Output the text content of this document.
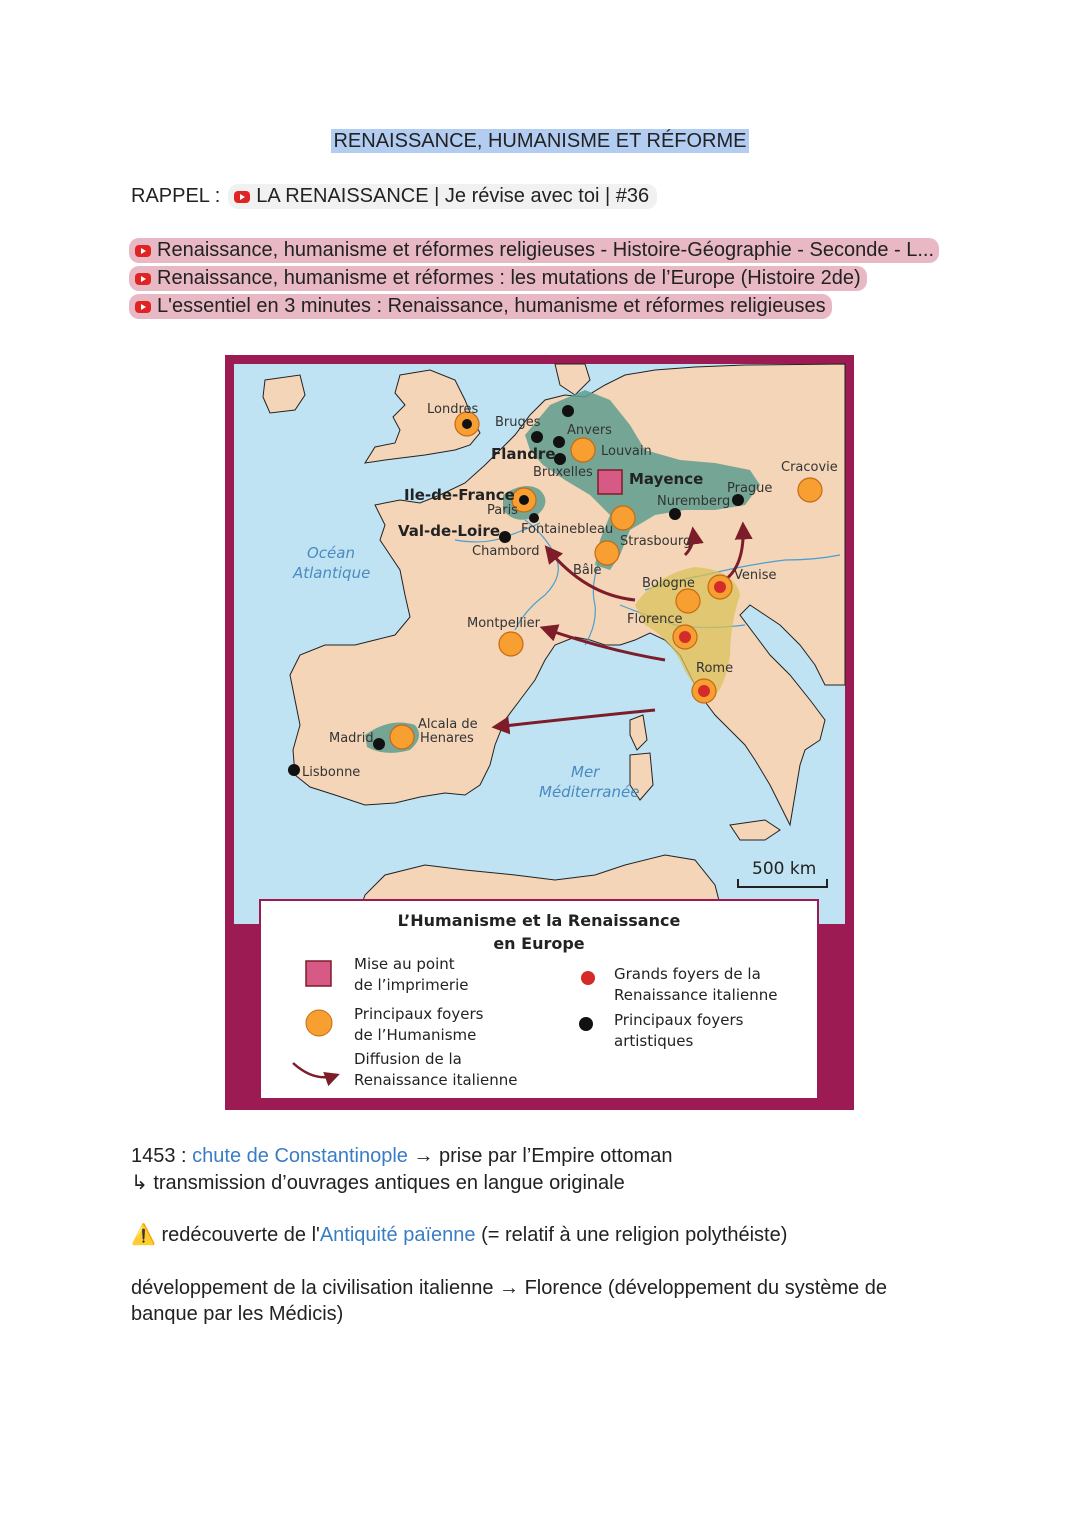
RENAISSANCE, HUMANISME ET RÉFORME
RAPPEL : LA RENAISSANCE | Je révise avec toi | #36
Renaissance, humanisme et réformes religieuses - Histoire-Géographie - Seconde - L...
Renaissance, humanisme et réformes : les mutations de l’Europe (Histoire 2de)
L'essentiel en 3 minutes : Renaissance, humanisme et réformes religieuses
Londres
Bruges
Anvers
Louvain
Bruxelles
Paris
Fontainebleau
Chambord
Strasbourg
Bâle
Nuremberg
Prague
Cracovie
Venise
Bologne
Florence
Rome
Montpellier
Madrid
Alcala de
Henares
Lisbonne
Flandre
Mayence
Ile-de-France
Val-de-Loire
Océan
Atlantique
Mer
Méditerranée
500 km
L’Humanisme et la Renaissance
en Europe
Mise au point
de l’imprimerie
Principaux foyers
de l’Humanisme
Diffusion de la
Renaissance italienne
Grands foyers de la
Renaissance italienne
Principaux foyers
artistiques
1453 : chute de Constantinople → prise par l’Empire ottoman
↳ transmission d’ouvrages antiques en langue originale
⚠️ redécouverte de l'Antiquité païenne (= relatif à une religion polythéiste)
développement de la civilisation italienne → Florence (développement du système de
banque par les Médicis)
